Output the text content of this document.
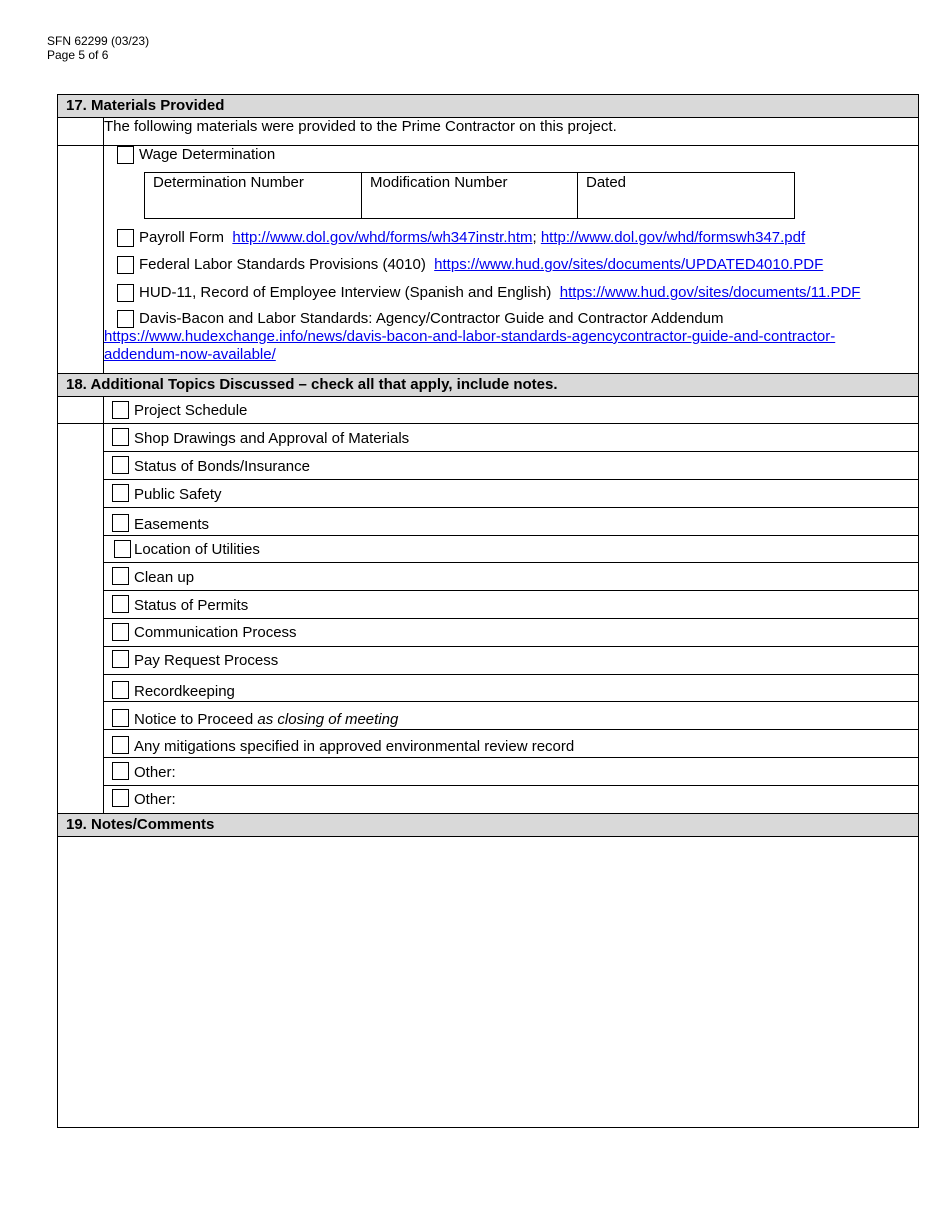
SFN 62299 (03/23)
Page 5 of 6
17. Materials Provided
The following materials were provided to the Prime Contractor on this project.
Wage Determination
Determination Number	Modification Number	Dated
Payroll Form http://www.dol.gov/whd/forms/wh347instr.htm; http://www.dol.gov/whd/formswh347.pdf
Federal Labor Standards Provisions (4010) https://www.hud.gov/sites/documents/UPDATED4010.PDF
HUD-11, Record of Employee Interview (Spanish and English) https://www.hud.gov/sites/documents/11.PDF
Davis-Bacon and Labor Standards: Agency/Contractor Guide and Contractor Addendum
https://www.hudexchange.info/news/davis-bacon-and-labor-standards-agencycontractor-guide-and-contractor-
addendum-now-available/
18. Additional Topics Discussed – check all that apply, include notes.
Project Schedule
Shop Drawings and Approval of Materials
Status of Bonds/Insurance
Public Safety
Easements
Location of Utilities
Clean up
Status of Permits
Communication Process
Pay Request Process
Recordkeeping
Notice to Proceed as closing of meeting
Any mitigations specified in approved environmental review record
Other:
Other:
19. Notes/Comments
